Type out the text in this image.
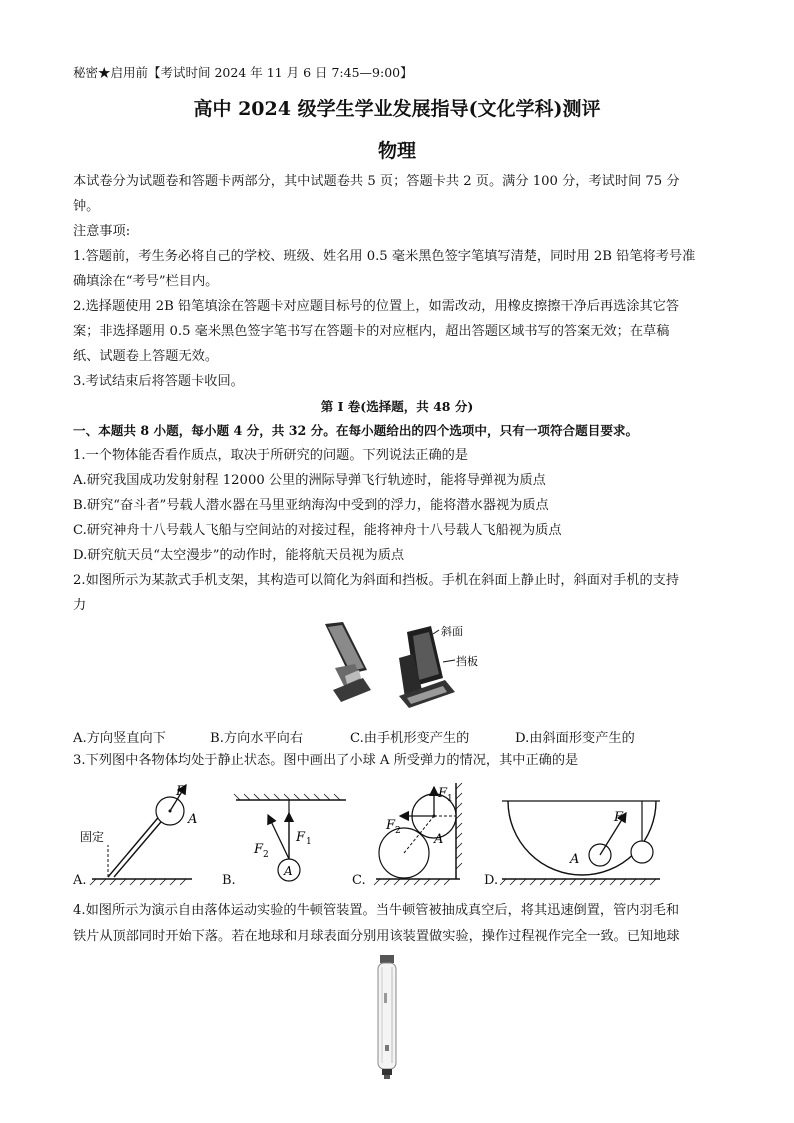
秘密★启用前【考试时间 2024 年 11 月 6 日 7:45—9:00】
高中 2024 级学生学业发展指导(文化学科)测评
物理
本试卷分为试题卷和答题卡两部分，其中试题卷共 5 页；答题卡共 2 页。满分 100 分，考试时间 75 分
钟。
注意事项:
1.答题前，考生务必将自己的学校、班级、姓名用 0.5 毫米黑色签字笔填写清楚，同时用 2B 铅笔将考号准
确填涂在“考号”栏目内。
2.选择题使用 2B 铅笔填涂在答题卡对应题目标号的位置上，如需改动，用橡皮擦擦干净后再选涂其它答
案；非选择题用 0.5 毫米黑色签字笔书写在答题卡的对应框内，超出答题区域书写的答案无效；在草稿
纸、试题卷上答题无效。
3.考试结束后将答题卡收回。
第 I 卷(选择题，共 48 分)
一、本题共 8 小题，每小题 4 分，共 32 分。在每小题给出的四个选项中，只有一项符合题目要求。
1.一个物体能否看作质点，取决于所研究的问题。下列说法正确的是
A.研究我国成功发射射程 12000 公里的洲际导弹飞行轨迹时，能将导弹视为质点
B.研究“奋斗者”号载人潜水器在马里亚纳海沟中受到的浮力，能将潜水器视为质点
C.研究神舟十八号载人飞船与空间站的对接过程，能将神舟十八号载人飞船视为质点
D.研究航天员“太空漫步”的动作时，能将航天员视为质点
2.如图所示为某款式手机支架，其构造可以简化为斜面和挡板。手机在斜面上静止时，斜面对手机的支持
力
斜面
挡板
A.方向竖直向下	B.方向水平向右	C.由手机形变产生的	D.由斜面形变产生的
3.下列图中各物体均处于静止状态。图中画出了小球 A 所受弹力的情况，其中正确的是
固定
F
A
A
F 1
F 2
A
F 1
F 2
F
A
A.	B.	C.	D.
4.如图所示为演示自由落体运动实验的牛顿管装置。当牛顿管被抽成真空后，将其迅速倒置，管内羽毛和
铁片从顶部同时开始下落。若在地球和月球表面分别用该装置做实验，操作过程视作完全一致。已知地球
